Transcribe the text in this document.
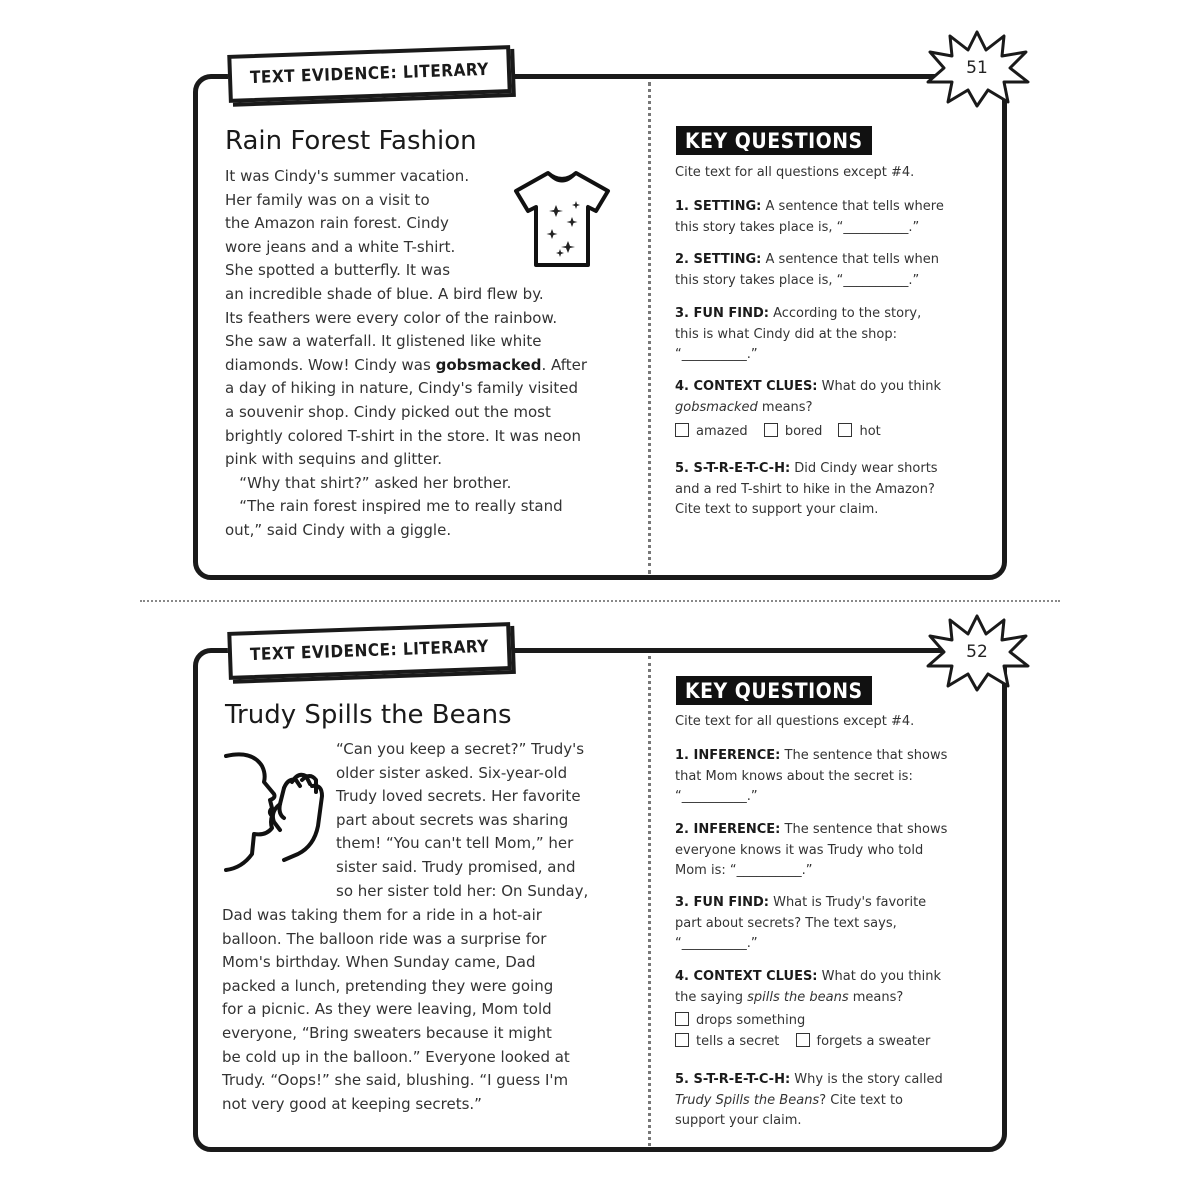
TEXT EVIDENCE: LITERARY	51
Rain Forest Fashion

It was Cindy's summer vacation.

Her family was on a visit to

the Amazon rain forest. Cindy

wore jeans and a white T-shirt.

She spotted a butterfly. It was

an incredible shade of blue. A bird flew by.

Its feathers were every color of the rainbow.

She saw a waterfall. It glistened like white

diamonds. Wow! Cindy was gobsmacked. After

a day of hiking in nature, Cindy's family visited

a souvenir shop. Cindy picked out the most

brightly colored T-shirt in the store. It was neon

pink with sequins and glitter.

“Why that shirt?” asked her brother.

“The rain forest inspired me to really stand

out,” said Cindy with a giggle.

KEY QUESTIONS
Cite text for all questions except #4.
1. SETTING: A sentence that tells where
this story takes place is, “__________.”
2. SETTING: A sentence that tells when
this story takes place is, “__________.”
3. FUN FIND: According to the story,
this is what Cindy did at the shop:
“__________.”
4. CONTEXT CLUES: What do you think
gobsmacked means?
amazed	bored	hot
5. S-T-R-E-T-C-H: Did Cindy wear shorts
and a red T-shirt to hike in the Amazon?
Cite text to support your claim.
TEXT EVIDENCE: LITERARY	52
Trudy Spills the Beans

“Can you keep a secret?” Trudy's

older sister asked. Six-year-old

Trudy loved secrets. Her favorite

part about secrets was sharing

them! “You can't tell Mom,” her

sister said. Trudy promised, and

so her sister told her: On Sunday,

Dad was taking them for a ride in a hot-air

balloon. The balloon ride was a surprise for

Mom's birthday. When Sunday came, Dad

packed a lunch, pretending they were going

for a picnic. As they were leaving, Mom told

everyone, “Bring sweaters because it might

be cold up in the balloon.” Everyone looked at

Trudy. “Oops!” she said, blushing. “I guess I'm

not very good at keeping secrets.”

KEY QUESTIONS
Cite text for all questions except #4.
1. INFERENCE: The sentence that shows
that Mom knows about the secret is:
“__________.”
2. INFERENCE: The sentence that shows
everyone knows it was Trudy who told
Mom is: “__________.”
3. FUN FIND: What is Trudy's favorite
part about secrets? The text says,
“__________.”
4. CONTEXT CLUES: What do you think
the saying spills the beans means?
drops something
tells a secret	forgets a sweater
5. S-T-R-E-T-C-H: Why is the story called
Trudy Spills the Beans? Cite text to
support your claim.
